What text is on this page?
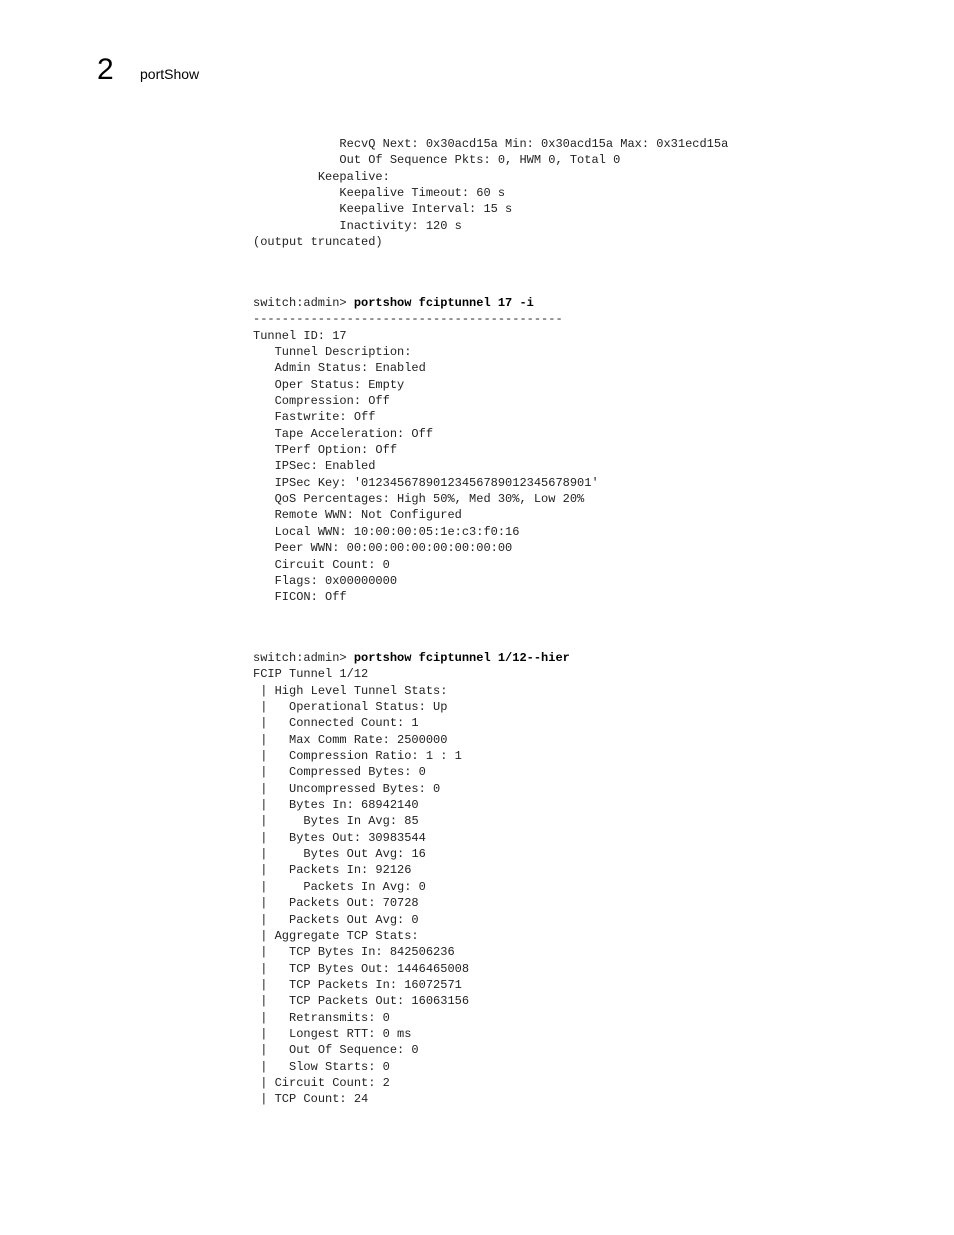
2 portShow
RecvQ Next: 0x30acd15a Min: 0x30acd15a Max: 0x31ecd15a
Out Of Sequence Pkts: 0, HWM 0, Total 0
Keepalive:
Keepalive Timeout: 60 s
Keepalive Interval: 15 s
Inactivity: 120 s
(output truncated)
switch:admin> portshow fciptunnel 17 -i
-------------------------------------------
Tunnel ID: 17
Tunnel Description:
Admin Status: Enabled
Oper Status: Empty
Compression: Off
Fastwrite: Off
Tape Acceleration: Off
TPerf Option: Off
IPSec: Enabled
IPSec Key: '01234567890123456789012345678901'
QoS Percentages: High 50%, Med 30%, Low 20%
Remote WWN: Not Configured
Local WWN: 10:00:00:05:1e:c3:f0:16
Peer WWN: 00:00:00:00:00:00:00:00
Circuit Count: 0
Flags: 0x00000000
FICON: Off
switch:admin> portshow fciptunnel 1/12--hier
FCIP Tunnel 1/12
| High Level Tunnel Stats:
|   Operational Status: Up
|   Connected Count: 1
|   Max Comm Rate: 2500000
|   Compression Ratio: 1 : 1
|   Compressed Bytes: 0
|   Uncompressed Bytes: 0
|   Bytes In: 68942140
|     Bytes In Avg: 85
|   Bytes Out: 30983544
|     Bytes Out Avg: 16
|   Packets In: 92126
|     Packets In Avg: 0
|   Packets Out: 70728
|   Packets Out Avg: 0
| Aggregate TCP Stats:
|   TCP Bytes In: 842506236
|   TCP Bytes Out: 1446465008
|   TCP Packets In: 16072571
|   TCP Packets Out: 16063156
|   Retransmits: 0
|   Longest RTT: 0 ms
|   Out Of Sequence: 0
|   Slow Starts: 0
| Circuit Count: 2
| TCP Count: 24
